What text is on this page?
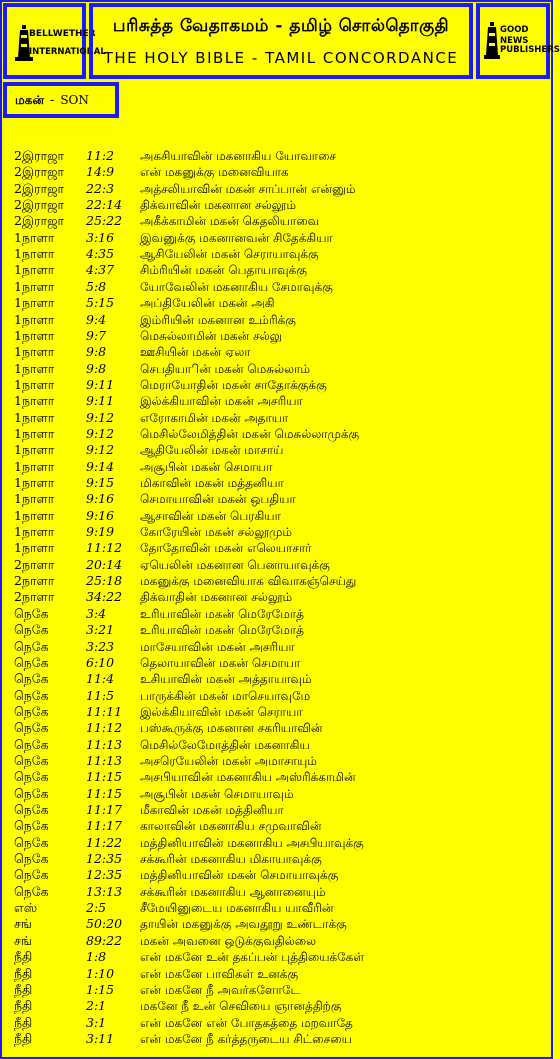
BELLWETHER
INTERNATIONAL
பரிசுத்த வேதாகமம் - தமிழ் சொல்தொகுதி
THE HOLY BIBLE - TAMIL CONCORDANCE
GOOD NEWS
PUBLISHERS
மகன் - SON
2இராஜா	11:2	அகசியாவின் மகனாகிய யோவாசை
2இராஜா	14:9	என் மகனுக்கு மனைவியாக
2இராஜா	22:3	அத்சலியாவின் மகன் சாப்பான் என்னும்
2இராஜா	22:14	திக்வாவின் மகனான சல்லூம்
2இராஜா	25:22	அகீக்காமின் மகன் கெதலியாவை
1நாளா	3:16	இவனுக்கு மகனானவன் சிதேக்கியா
1நாளா	4:35	ஆசியேலின் மகன் செராயாவுக்கு
1நாளா	4:37	சிம்ரியின் மகன் பெதாயாவுக்கு
1நாளா	5:8	யோவேலின் மகனாகிய சேமாவுக்கு
1நாளா	5:15	அப்தியேலின் மகன் அகி
1நாளா	9:4	இம்ரியின் மகனான உம்ரிக்கு
1நாளா	9:7	மெசுல்லாமின் மகன் சல்லு
1நாளா	9:8	ஊசியின் மகன் ஏலா
1நாளா	9:8	செபதியாின் மகன் மெசுல்லாம்
1நாளா	9:11	மெராயோதின் மகன் சாதோக்குக்கு
1நாளா	9:11	இல்க்கியாவின் மகன் அசரியா
1நாளா	9:12	எரோகாமின் மகன் அதாயா
1நாளா	9:12	மெசில்லேமித்தின் மகன் மெசுல்லாமுக்கு
1நாளா	9:12	ஆதியேலின் மகன் மாசாய்
1நாளா	9:14	அசூபின் மகன் செமாயா
1நாளா	9:15	மிகாவின் மகன் மத்தனியா
1நாளா	9:16	செமாயாவின் மகன் ஒபதியா
1நாளா	9:16	ஆசாவின் மகன் பெரகியா
1நாளா	9:19	கோரேயின் மகன் சல்லூமும்
1நாளா	11:12	தோதோவின் மகன் எலெயாசார்
2நாளா	20:14	ஏயெலின் மகனான பெனாயாவுக்கு
2நாளா	25:18	மகனுக்கு மனைவியாக விவாகஞ்செய்து
2நாளா	34:22	திக்வாதின் மகனான சல்லூம்
நெகே	3:4	உரியாவின் மகன் மெரேமோத்
நெகே	3:21	உரியாவின் மகன் மெரேமோத்
நெகே	3:23	மாசேயாவின் மகன் அசரியா
நெகே	6:10	தெலாயாவின் மகன் செமாயா
நெகே	11:4	உசியாவின் மகன் அத்தாயாவும்
நெகே	11:5	பாருக்கின் மகன் மாசெயாவுமே
நெகே	11:11	இல்க்கியாவின் மகன் செராயா
நெகே	11:12	பஸ்கூருக்கு மகனான சகரியாவின்
நெகே	11:13	மெசில்லேமோத்தின் மகனாகிய
நெகே	11:13	அசரெயேலின் மகன் அமாசாயும்
நெகே	11:15	அசபியாவின் மகனாகிய அஸ்ரிக்காமின்
நெகே	11:15	அசூபின் மகன் செமாயாவும்
நெகே	11:17	மீகாவின் மகன் மத்தினியா
நெகே	11:17	காலாவின் மகனாகிய சமுவாவின்
நெகே	11:22	மத்தினியாவின் மகனாகிய அசபியாவுக்கு
நெகே	12:35	சக்கூரின் மகனாகிய மிகாயாவுக்கு
நெகே	12:35	மத்தினியாவின் மகன் செமாயாவுக்கு
நெகே	13:13	சக்கூரின் மகனாகிய ஆனானையும்
எஸ்	2:5	சீமேயினுடைய மகனாகிய யாவீரின்
சங்	50:20	தாயின் மகனுக்கு அவதூறு உண்டாக்கு
சங்	89:22	மகன் அவனை ஒடுக்குவதில்லை
நீதி	1:8	என் மகனே உன் தகப்பன் புத்தியைக்கேள்
நீதி	1:10	என் மகனே பாவிகள் உனக்கு
நீதி	1:15	என் மகனே நீ அவர்களோடே
நீதி	2:1	மகனே நீ உன் செவியை ஞானத்திற்கு
நீதி	3:1	என் மகனே என் போதகத்தை மறவாதே
நீதி	3:11	என் மகனே நீ கர்த்தருடைய சிட்சையை
